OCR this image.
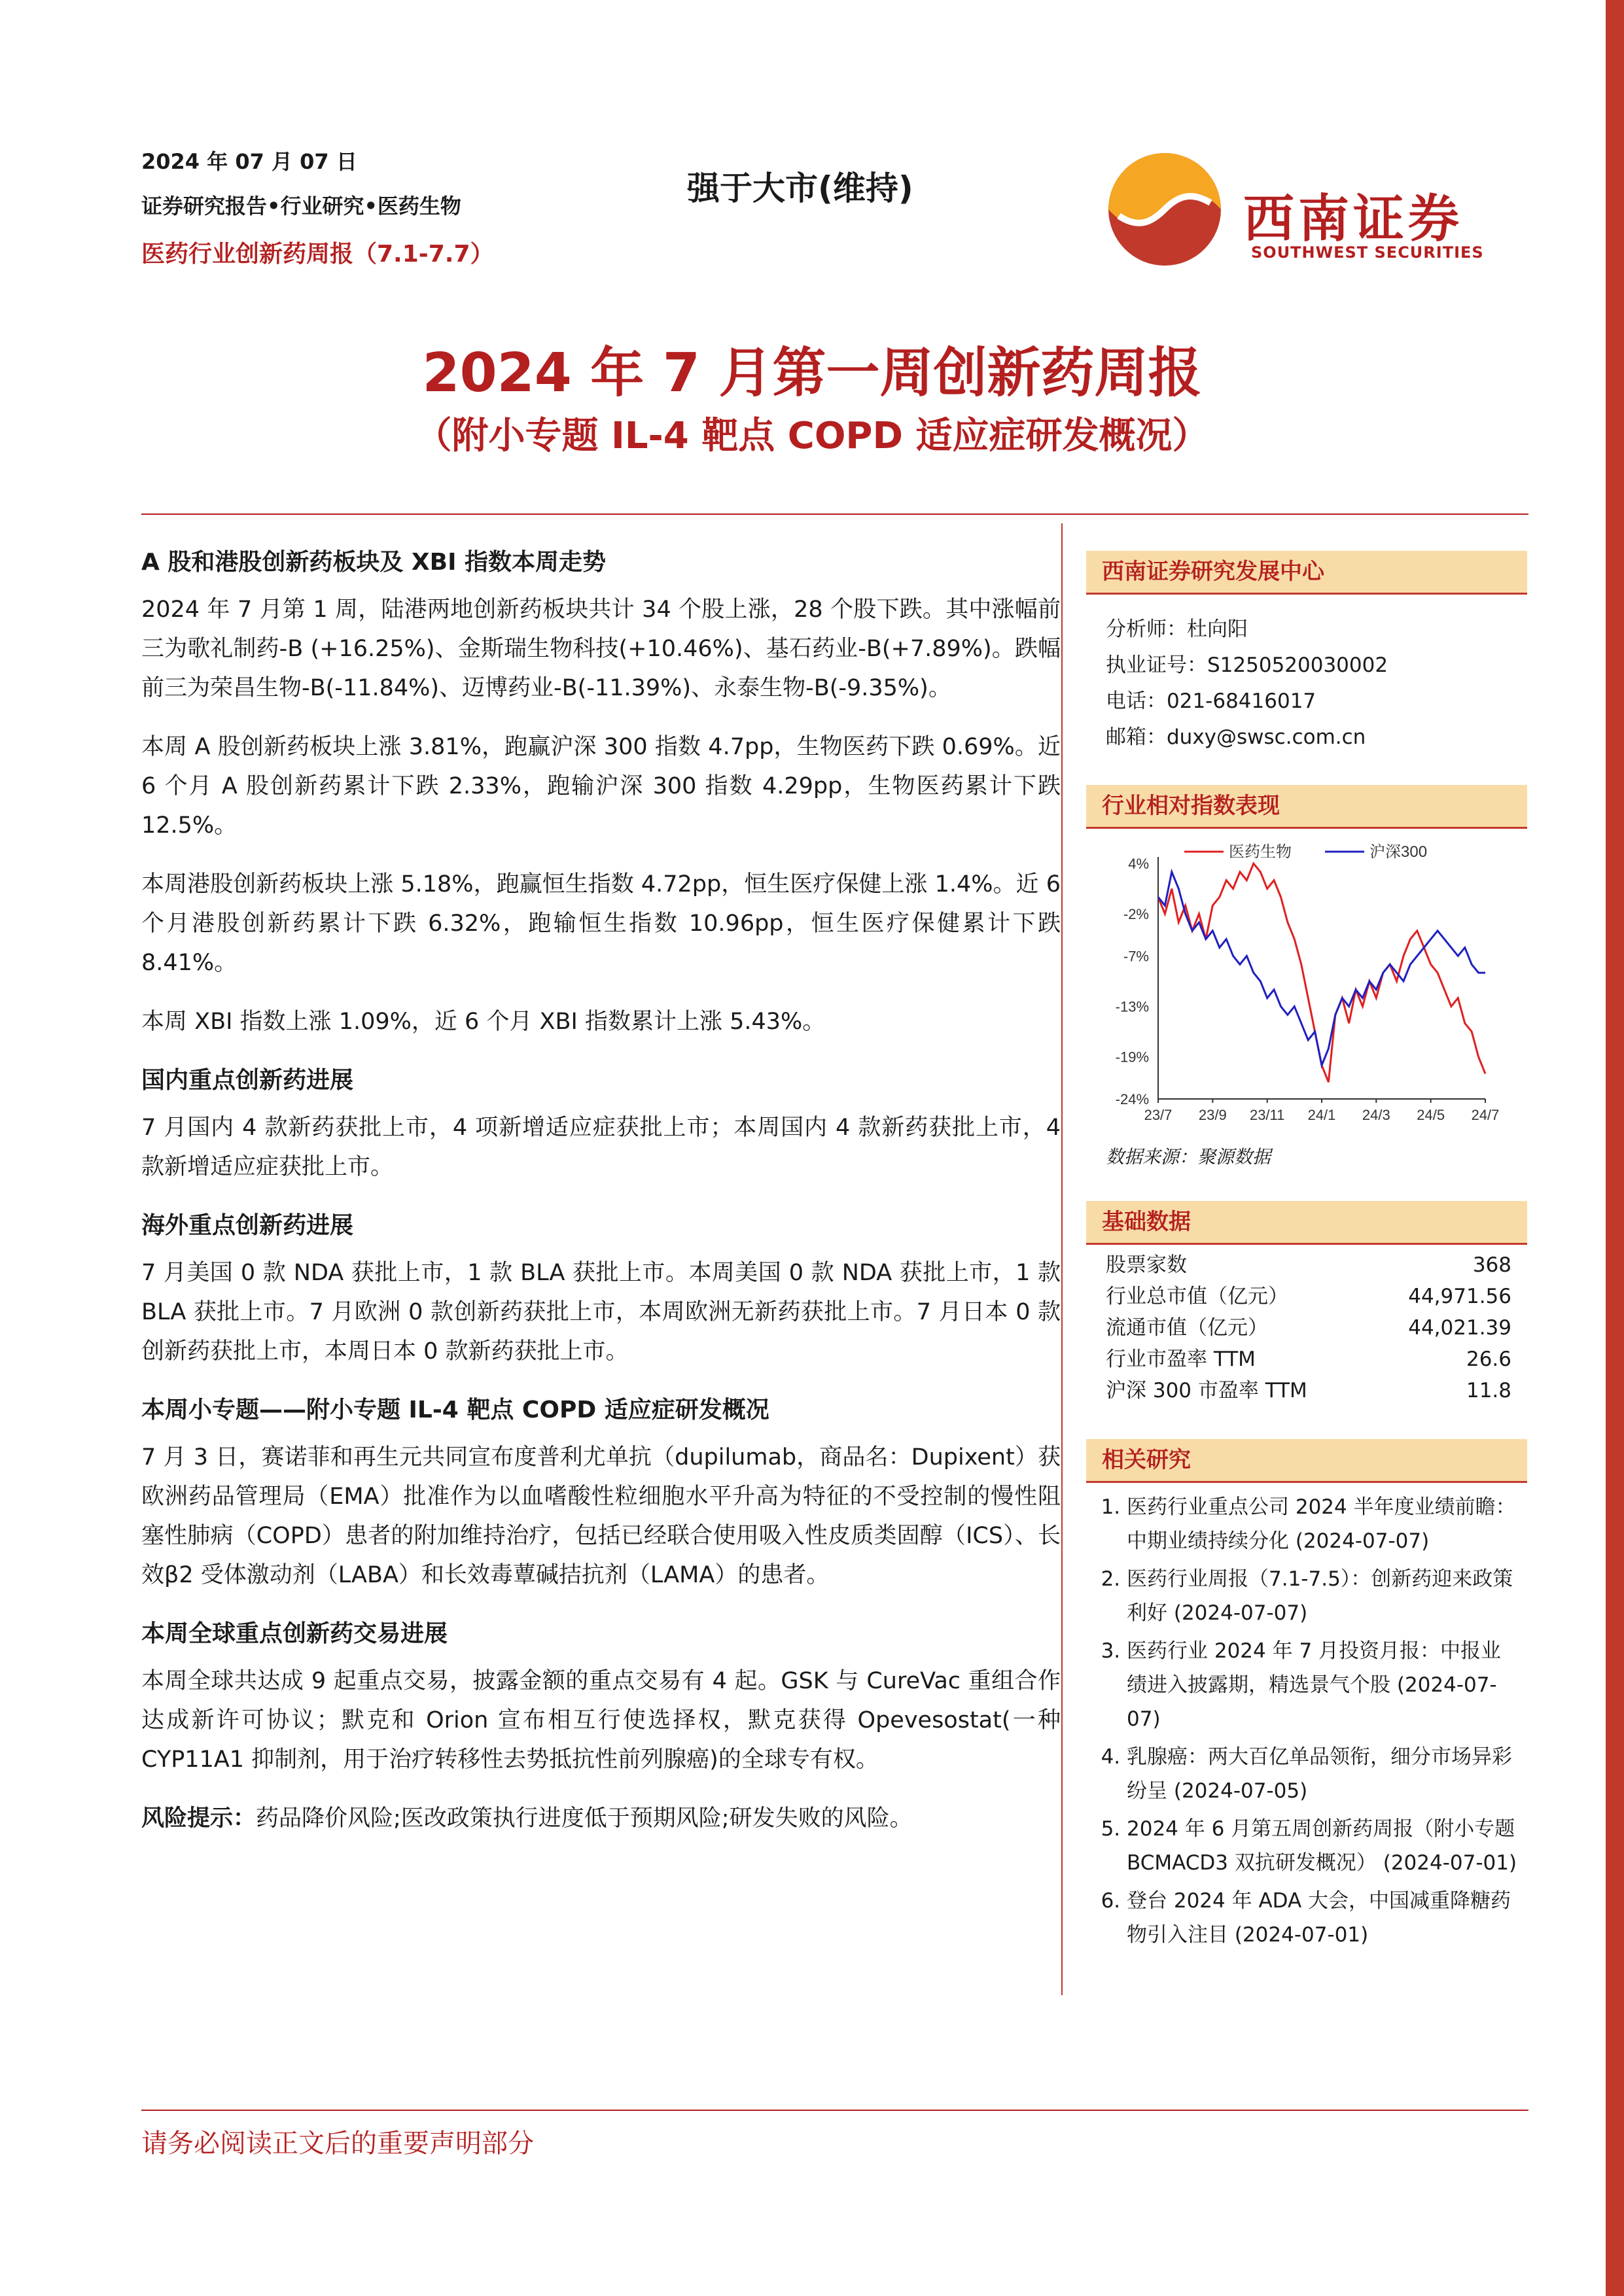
2024 年 07 月 07 日
证券研究报告•行业研究•医药生物
医药行业创新药周报（7.1-7.7）
强于大市(维持)
西南证券
SOUTHWEST SECURITIES
2024 年 7 月第一周创新药周报
（附小专题 IL-4 靶点 COPD 适应症研发概况）
A 股和港股创新药板块及 XBI 指数本周走势

2024 年 7 月第 1 周，陆港两地创新药板块共计 34 个股上涨，28 个股下跌。其中涨幅前三为歌礼制药-B (+16.25%)、金斯瑞生物科技(+10.46%)、基石药业-B(+7.89%)。跌幅前三为荣昌生物-B(-11.84%)、迈博药业-B(-11.39%)、永泰生物-B(-9.35%)。

本周 A 股创新药板块上涨 3.81%，跑赢沪深 300 指数 4.7pp，生物医药下跌 0.69%。近 6 个月 A 股创新药累计下跌 2.33%，跑输沪深 300 指数 4.29pp，生物医药累计下跌 12.5%。

本周港股创新药板块上涨 5.18%，跑赢恒生指数 4.72pp，恒生医疗保健上涨 1.4%。近 6 个月港股创新药累计下跌 6.32%，跑输恒生指数 10.96pp，恒生医疗保健累计下跌 8.41%。

本周 XBI 指数上涨 1.09%，近 6 个月 XBI 指数累计上涨 5.43%。

国内重点创新药进展

7 月国内 4 款新药获批上市，4 项新增适应症获批上市；本周国内 4 款新药获批上市，4 款新增适应症获批上市。

海外重点创新药进展

7 月美国 0 款 NDA 获批上市，1 款 BLA 获批上市。本周美国 0 款 NDA 获批上市，1 款 BLA 获批上市。7 月欧洲 0 款创新药获批上市，本周欧洲无新药获批上市。7 月日本 0 款创新药获批上市，本周日本 0 款新药获批上市。

本周小专题——附小专题 IL-4 靶点 COPD 适应症研发概况

7 月 3 日，赛诺菲和再生元共同宣布度普利尤单抗（dupilumab，商品名：Dupixent）获欧洲药品管理局（EMA）批准作为以血嗜酸性粒细胞水平升高为特征的不受控制的慢性阻塞性肺病（COPD）患者的附加维持治疗，包括已经联合使用吸入性皮质类固醇（ICS）、长效β2 受体激动剂（LABA）和长效毒蕈碱拮抗剂（LAMA）的患者。

本周全球重点创新药交易进展

本周全球共达成 9 起重点交易，披露金额的重点交易有 4 起。GSK 与 CureVac 重组合作达成新许可协议；默克和 Orion 宣布相互行使选择权，默克获得 Opevesostat(一种 CYP11A1 抑制剂，用于治疗转移性去势抵抗性前列腺癌)的全球专有权。

风险提示：药品降价风险;医改政策执行进度低于预期风险;研发失败的风险。

西南证券研究发展中心
分析师：杜向阳
执业证号：S1250520030002
电话：021-68416017
邮箱：duxy@swsc.com.cn
行业相对指数表现
4%
-2%
-7%
-13%
-19%
-24%
23/7 23/9 23/11 24/1 24/3 24/5 24/7
医药生物	沪深300
数据来源：聚源数据
基础数据
股票家数	368
行业总市值（亿元）	44,971.56
流通市值（亿元）	44,021.39
行业市盈率 TTM	26.6
沪深 300 市盈率 TTM	11.8
相关研究
1. 医药行业重点公司 2024 半年度业绩前瞻：中期业绩持续分化 (2024-07-07)
2. 医药行业周报（7.1-7.5）：创新药迎来政策利好 (2024-07-07)
3. 医药行业 2024 年 7 月投资月报：中报业绩进入披露期，精选景气个股 (2024-07-07)
4. 乳腺癌：两大百亿单品领衔，细分市场异彩纷呈 (2024-07-05)
5. 2024 年 6 月第五周创新药周报（附小专题 BCMACD3 双抗研发概况） (2024-07-01)
6. 登台 2024 年 ADA 大会，中国减重降糖药物引入注目 (2024-07-01)
请务必阅读正文后的重要声明部分
